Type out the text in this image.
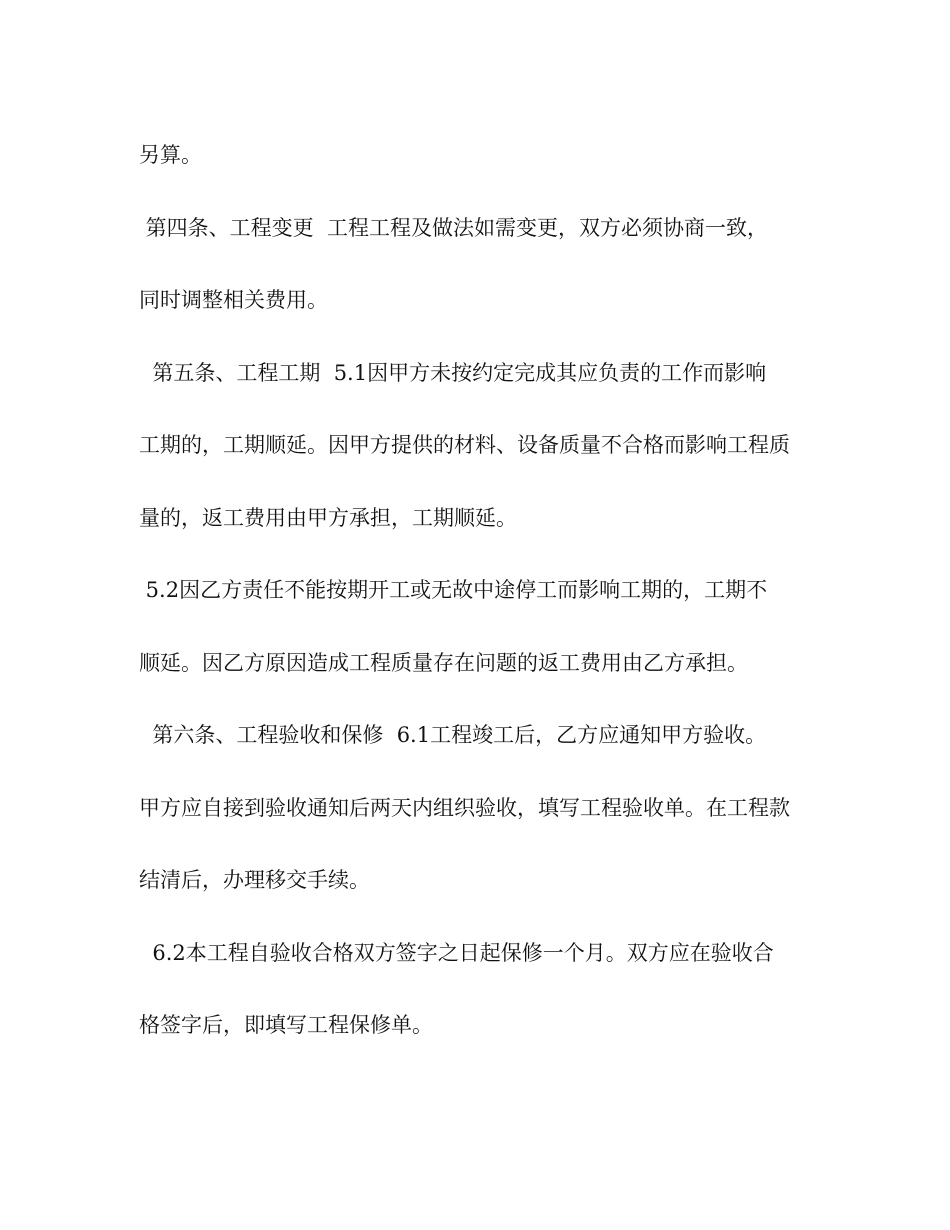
另算。
第四条、工程变更  工程工程及做法如需变更，双方必须协商一致，
同时调整相关费用。
第五条、工程工期  5.1因甲方未按约定完成其应负责的工作而影响
工期的，工期顺延。因甲方提供的材料、设备质量不合格而影响工程质
量的，返工费用由甲方承担，工期顺延。
5.2因乙方责任不能按期开工或无故中途停工而影响工期的，工期不
顺延。因乙方原因造成工程质量存在问题的返工费用由乙方承担。
第六条、工程验收和保修  6.1工程竣工后，乙方应通知甲方验收。
甲方应自接到验收通知后两天内组织验收，填写工程验收单。在工程款
结清后，办理移交手续。
6.2本工程自验收合格双方签字之日起保修一个月。双方应在验收合
格签字后，即填写工程保修单。
